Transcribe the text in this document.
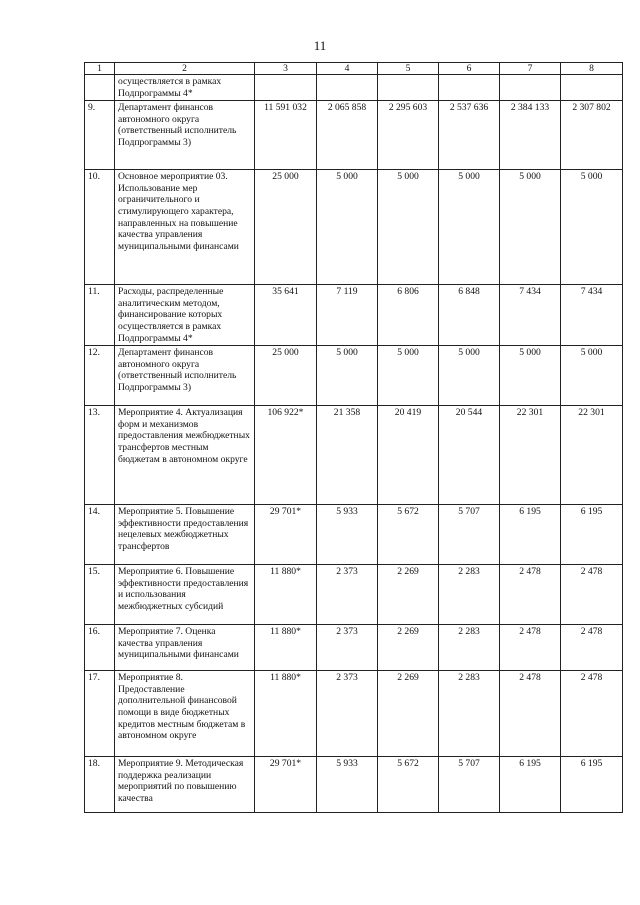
11
1	2	3	4	5	6	7	8
	осуществляется в рамках Подпрограммы 4*						
9.	Департамент финансов автономного округа (ответственный исполнитель Подпрограммы 3)	11 591 032	2 065 858	2 295 603	2 537 636	2 384 133	2 307 802
10.	Основное мероприятие 03. Использование мер ограничительного и стимулирующего характера, направленных на повышение качества управления муниципальными финансами	25 000	5 000	5 000	5 000	5 000	5 000
11.	Расходы, распределенные аналитическим методом, финансирование которых осуществляется в рамках Подпрограммы 4*	35 641	7 119	6 806	6 848	7 434	7 434
12.	Департамент финансов автономного округа (ответственный исполнитель Подпрограммы 3)	25 000	5 000	5 000	5 000	5 000	5 000
13.	Мероприятие 4. Актуализация форм и механизмов предоставления межбюджетных трансфертов местным бюджетам в автономном округе	106 922*	21 358	20 419	20 544	22 301	22 301
14.	Мероприятие 5. Повышение эффективности предоставления нецелевых межбюджетных трансфертов	29 701*	5 933	5 672	5 707	6 195	6 195
15.	Мероприятие 6. Повышение эффективности предоставления и использования межбюджетных субсидий	11 880*	2 373	2 269	2 283	2 478	2 478
16.	Мероприятие 7. Оценка качества управления муниципальными финансами	11 880*	2 373	2 269	2 283	2 478	2 478
17.	Мероприятие 8. Предоставление дополнительной финансовой помощи в виде бюджетных кредитов местным бюджетам в автономном округе	11 880*	2 373	2 269	2 283	2 478	2 478
18.	Мероприятие 9. Методическая поддержка реализации мероприятий по повышению качества	29 701*	5 933	5 672	5 707	6 195	6 195
